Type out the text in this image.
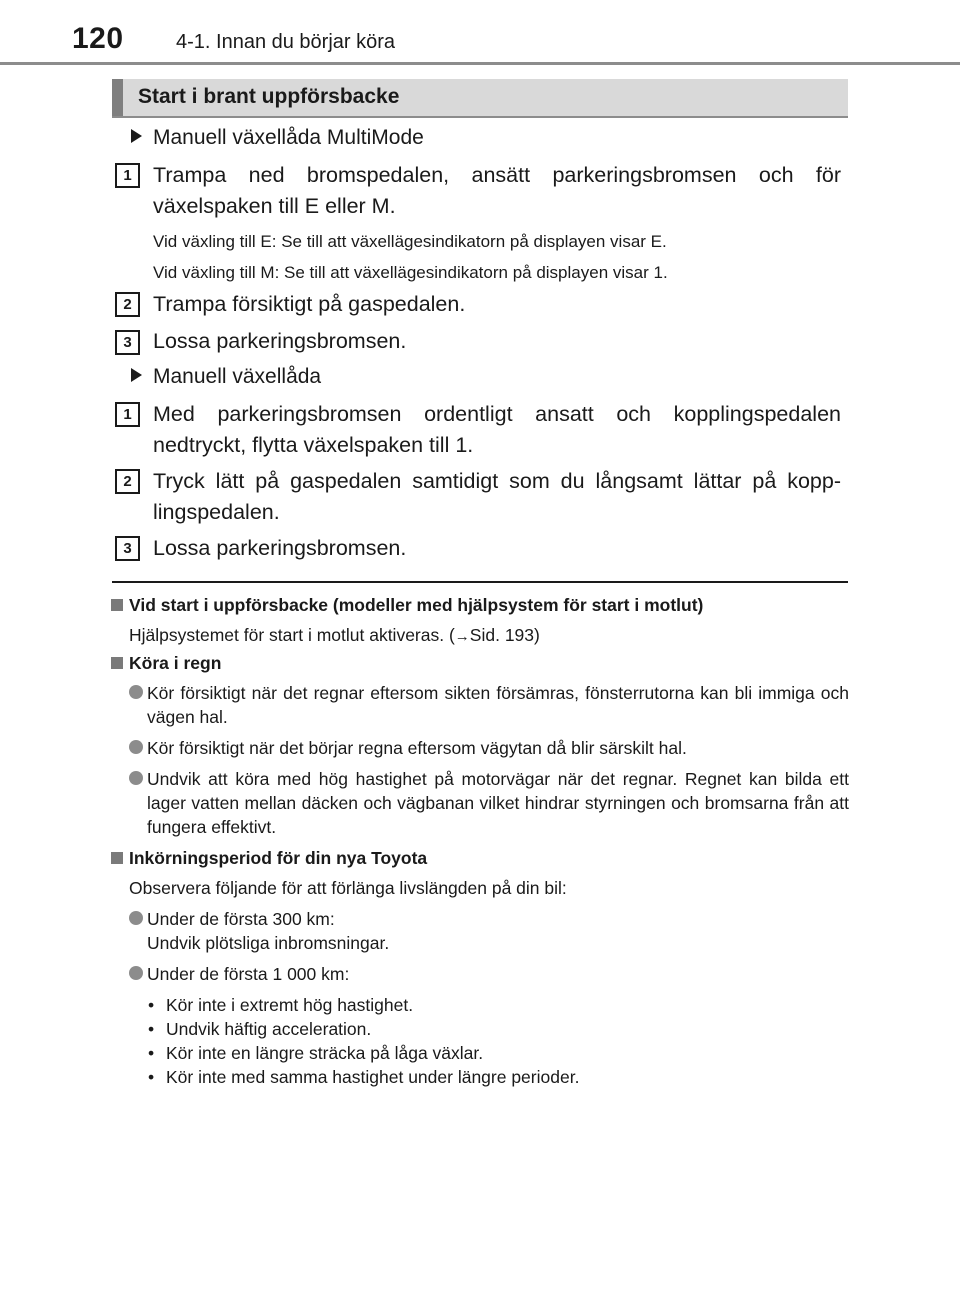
120	4-1. Innan du börjar köra
Start i brant uppförsbacke
Manuell växellåda MultiMode
1 Trampa ned bromspedalen, ansätt parkeringsbromsen och för växelspaken till E eller M.
Vid växling till E: Se till att växellägesindikatorn på displayen visar E.
Vid växling till M: Se till att växellägesindikatorn på displayen visar 1.
2 Trampa försiktigt på gaspedalen.
3 Lossa parkeringsbromsen.
Manuell växellåda
1 Med parkeringsbromsen ordentligt ansatt och kopplingspedalen nedtryckt, flytta växelspaken till 1.
2 Tryck lätt på gaspedalen samtidigt som du långsamt lättar på kopp-lingspedalen.
3 Lossa parkeringsbromsen.
Vid start i uppförsbacke (modeller med hjälpsystem för start i motlut)
Hjälpsystemet för start i motlut aktiveras. (→Sid. 193)
Köra i regn
Kör försiktigt när det regnar eftersom sikten försämras, fönsterrutorna kan bli immiga och vägen hal.
Kör försiktigt när det börjar regna eftersom vägytan då blir särskilt hal.
Undvik att köra med hög hastighet på motorvägar när det regnar. Regnet kan bilda ett lager vatten mellan däcken och vägbanan vilket hindrar styrningen och bromsarna från att fungera effektivt.
Inkörningsperiod för din nya Toyota
Observera följande för att förlänga livslängden på din bil:
Under de första 300 km:
Undvik plötsliga inbromsningar.
Under de första 1 000 km:
• Kör inte i extremt hög hastighet.
• Undvik häftig acceleration.
• Kör inte en längre sträcka på låga växlar.
• Kör inte med samma hastighet under längre perioder.
